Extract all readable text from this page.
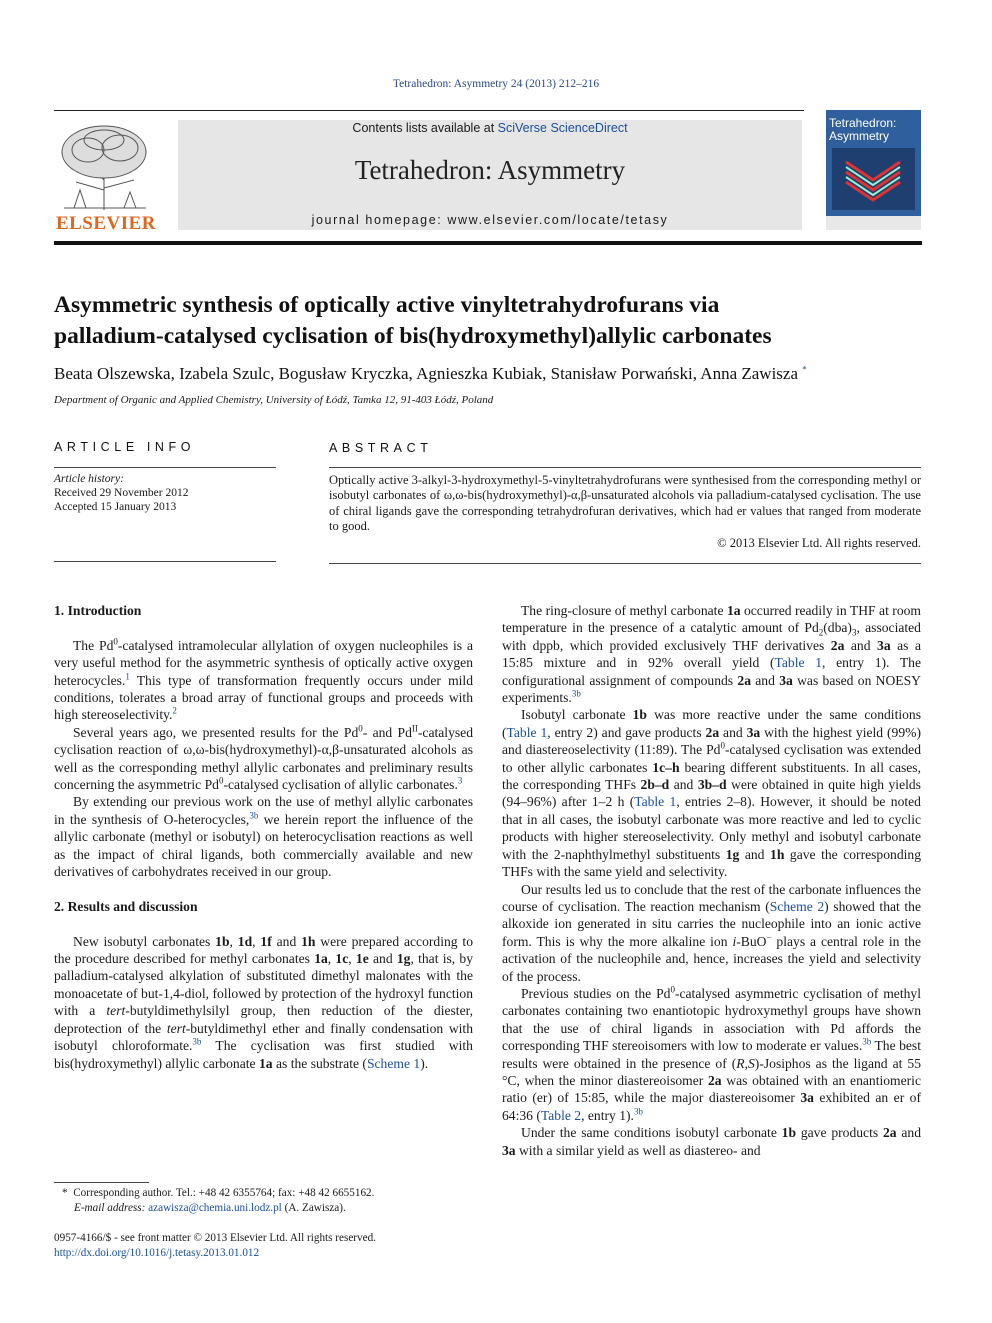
Tetrahedron: Asymmetry 24 (2013) 212–216
ELSEVIER
Contents lists available at SciVerse ScienceDirect
Tetrahedron: Asymmetry
journal homepage: www.elsevier.com/locate/tetasy
Tetrahedron: Asymmetry
Asymmetric synthesis of optically active vinyltetrahydrofurans via
palladium-catalysed cyclisation of bis(hydroxymethyl)allylic carbonates
Beata Olszewska, Izabela Szulc, Bogusław Kryczka, Agnieszka Kubiak, Stanisław Porwański, Anna Zawisza *
Department of Organic and Applied Chemistry, University of Łódź, Tamka 12, 91-403 Łódź, Poland
ARTICLE INFO
Article history:
Received 29 November 2012
Accepted 15 January 2013
ABSTRACT
Optically active 3-alkyl-3-hydroxymethyl-5-vinyltetrahydrofurans were synthesised from the corresponding methyl or isobutyl carbonates of ω,ω-bis(hydroxymethyl)-α,β-unsaturated alcohols via palladium-catalysed cyclisation. The use of chiral ligands gave the corresponding tetrahydrofuran derivatives, which had er values that ranged from moderate to good.
© 2013 Elsevier Ltd. All rights reserved.
1. Introduction

The Pd$^0$-catalysed intramolecular allylation of oxygen nucleophiles is a very useful method for the asymmetric synthesis of optically active oxygen heterocycles.$^1$ This type of transformation frequently occurs under mild conditions, tolerates a broad array of functional groups and proceeds with high stereoselectivity.$^2$

Several years ago, we presented results for the Pd$^0$- and $Pd^{II}$-catalysed cyclisation reaction of ω,ω-bis(hydroxymethyl)-α,β-unsaturated alcohols as well as the corresponding methyl allylic carbonates and preliminary results concerning the asymmetric Pd$^0$-catalysed cyclisation of allylic carbonates.$^3$

By extending our previous work on the use of methyl allylic carbonates in the synthesis of O-heterocycles,$^{3b}$ we herein report the influence of the allylic carbonate (methyl or isobutyl) on heterocyclisation reactions as well as the impact of chiral ligands, both commercially available and new derivatives of carbohydrates received in our group.

2. Results and discussion

New isobutyl carbonates 1b, 1d, 1f and 1h were prepared according to the procedure described for methyl carbonates 1a, 1c, 1e and 1g, that is, by palladium-catalysed alkylation of substituted dimethyl malonates with the monoacetate of but-1,4-diol, followed by protection of the hydroxyl function with a tert-butyldimethylsilyl group, then reduction of the diester, deprotection of the tert-butyldimethyl ether and finally condensation with isobutyl chloroformate.$^{3b}$ The cyclisation was first studied with bis(hydroxymethyl) allylic carbonate 1a as the substrate (Scheme 1).

The ring-closure of methyl carbonate 1a occurred readily in THF at room temperature in the presence of a catalytic amount of $Pd_2(dba)_3$, associated with dppb, which provided exclusively THF derivatives 2a and 3a as a 15:85 mixture and in 92% overall yield (Table 1, entry 1). The configurational assignment of compounds 2a and 3a was based on NOESY experiments.$^{3b}$

Isobutyl carbonate 1b was more reactive under the same conditions (Table 1, entry 2) and gave products 2a and 3a with the highest yield (99%) and diastereoselectivity (11:89). The Pd$^0$-catalysed cyclisation was extended to other allylic carbonates 1c–h bearing different substituents. In all cases, the corresponding THFs 2b–d and 3b–d were obtained in quite high yields (94–96%) after 1–2 h (Table 1, entries 2–8). However, it should be noted that in all cases, the isobutyl carbonate was more reactive and led to cyclic products with higher stereoselectivity. Only methyl and isobutyl carbonate with the 2-naphthylmethyl substituents 1g and 1h gave the corresponding THFs with the same yield and selectivity.

Our results led us to conclude that the rest of the carbonate influences the course of cyclisation. The reaction mechanism (Scheme 2) showed that the alkoxide ion generated in situ carries the nucleophile into an ionic active form. This is why the more alkaline ion i-BuO− plays a central role in the activation of the nucleophile and, hence, increases the yield and selectivity of the process.

Previous studies on the Pd$^0$-catalysed asymmetric cyclisation of methyl carbonates containing two enantiotopic hydroxymethyl groups have shown that the use of chiral ligands in association with Pd affords the corresponding THF stereoisomers with low to moderate er values.$^{3b}$ The best results were obtained in the presence of (R,S)-Josiphos as the ligand at 55 °C, when the minor diastereoisomer 2a was obtained with an enantiomeric ratio (er) of 15:85, while the major diastereoisomer 3a exhibited an er of 64:36 (Table 2, entry 1).$^{3b}$

Under the same conditions isobutyl carbonate 1b gave products 2a and 3a with a similar yield as well as diastereo- and

* Corresponding author. Tel.: +48 42 6355764; fax: +48 42 6655162.
E-mail address: azawisza@chemia.uni.lodz.pl (A. Zawisza).
0957-4166/$ - see front matter © 2013 Elsevier Ltd. All rights reserved.
http://dx.doi.org/10.1016/j.tetasy.2013.01.012
